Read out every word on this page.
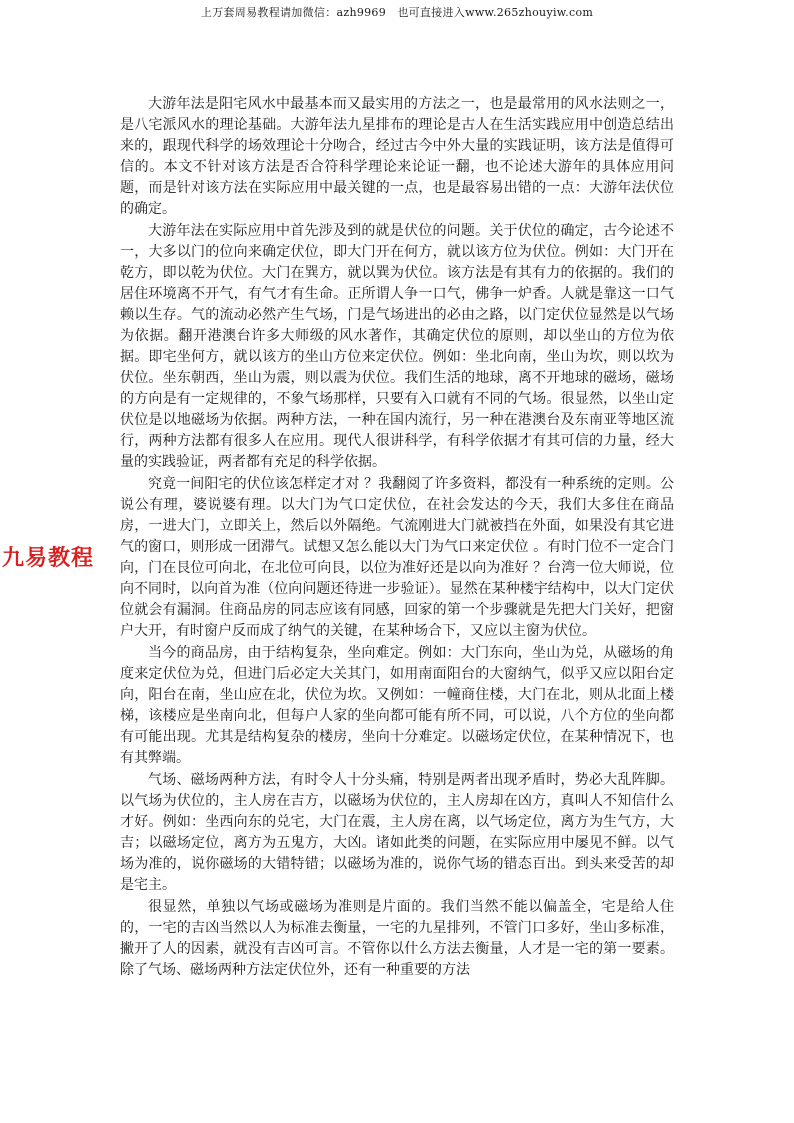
上万套周易教程请加微信：azh9969　也可直接进入www.265zhouyiw.com
九易教程

大游年法是阳宅风水中最基本而又最实用的方法之一，也是最常用的风水法则之一，是八宅派风水的理论基础。大游年法九星排布的理论是古人在生活实践应用中创造总结出来的，跟现代科学的场效理论十分吻合，经过古今中外大量的实践证明，该方法是值得可信的。本文不针对该方法是否合符科学理论来论证一翻，也不论述大游年的具体应用问题，而是针对该方法在实际应用中最关键的一点，也是最容易出错的一点：大游年法伏位的确定。

大游年法在实际应用中首先涉及到的就是伏位的问题。关于伏位的确定，古今论述不一，大多以门的位向来确定伏位，即大门开在何方，就以该方位为伏位。例如：大门开在乾方，即以乾为伏位。大门在巽方，就以巽为伏位。该方法是有其有力的依据的。我们的居住环境离不开气，有气才有生命。正所谓人争一口气，佛争一炉香。人就是靠这一口气赖以生存。气的流动必然产生气场，门是气场进出的必由之路，以门定伏位显然是以气场为依据。翻开港澳台许多大师级的风水著作，其确定伏位的原则，却以坐山的方位为依据。即宅坐何方，就以该方的坐山方位来定伏位。例如：坐北向南，坐山为坎，则以坎为伏位。坐东朝西，坐山为震，则以震为伏位。我们生活的地球，离不开地球的磁场，磁场的方向是有一定规律的，不象气场那样，只要有入口就有不同的气场。很显然，以坐山定伏位是以地磁场为依据。两种方法，一种在国内流行，另一种在港澳台及东南亚等地区流行，两种方法都有很多人在应用。现代人很讲科学，有科学依据才有其可信的力量，经大量的实践验证，两者都有充足的科学依据。

究竟一间阳宅的伏位该怎样定才对 ？我翻阅了许多资料，都没有一种系统的定则。公说公有理，婆说婆有理。以大门为气口定伏位，在社会发达的今天，我们大多住在商品房，一进大门，立即关上，然后以外隔绝。气流刚进大门就被挡在外面，如果没有其它进气的窗口，则形成一团滞气。试想又怎么能以大门为气口来定伏位 。有时门位不一定合门向，门在艮位可向北，在北位可向艮，以位为准好还是以向为准好 ？台湾一位大师说，位向不同时，以向首为准（位向问题还待进一步验证）。显然在某种楼宇结构中，以大门定伏位就会有漏洞。住商品房的同志应该有同感，回家的第一个步骤就是先把大门关好，把窗户大开，有时窗户反而成了纳气的关键，在某种场合下，又应以主窗为伏位。

当今的商品房，由于结构复杂，坐向难定。例如：大门东向，坐山为兑，从磁场的角度来定伏位为兑，但进门后必定大关其门，如用南面阳台的大窗纳气，似乎又应以阳台定向，阳台在南，坐山应在北，伏位为坎。又例如：一幢商住楼，大门在北，则从北面上楼梯，该楼应是坐南向北，但每户人家的坐向都可能有所不同，可以说，八个方位的坐向都有可能出现。尤其是结构复杂的楼房，坐向十分难定。以磁场定伏位，在某种情况下，也有其弊端。

气场、磁场两种方法，有时令人十分头痛，特别是两者出现矛盾时，势必大乱阵脚。以气场为伏位的，主人房在吉方，以磁场为伏位的，主人房却在凶方，真叫人不知信什么才好。例如：坐西向东的兑宅，大门在震，主人房在离，以气场定位，离方为生气方，大吉；以磁场定位，离方为五鬼方，大凶。诸如此类的问题，在实际应用中屡见不鲜。以气场为准的，说你磁场的大错特错；以磁场为准的，说你气场的错态百出。到头来受苦的却是宅主。

很显然，单独以气场或磁场为准则是片面的。我们当然不能以偏盖全，宅是给人住的，一宅的吉凶当然以人为标准去衡量，一宅的九星排列，不管门口多好，坐山多标准，撇开了人的因素，就没有吉凶可言。不管你以什么方法去衡量，人才是一宅的第一要素。除了气场、磁场两种方法定伏位外，还有一种重要的方法
